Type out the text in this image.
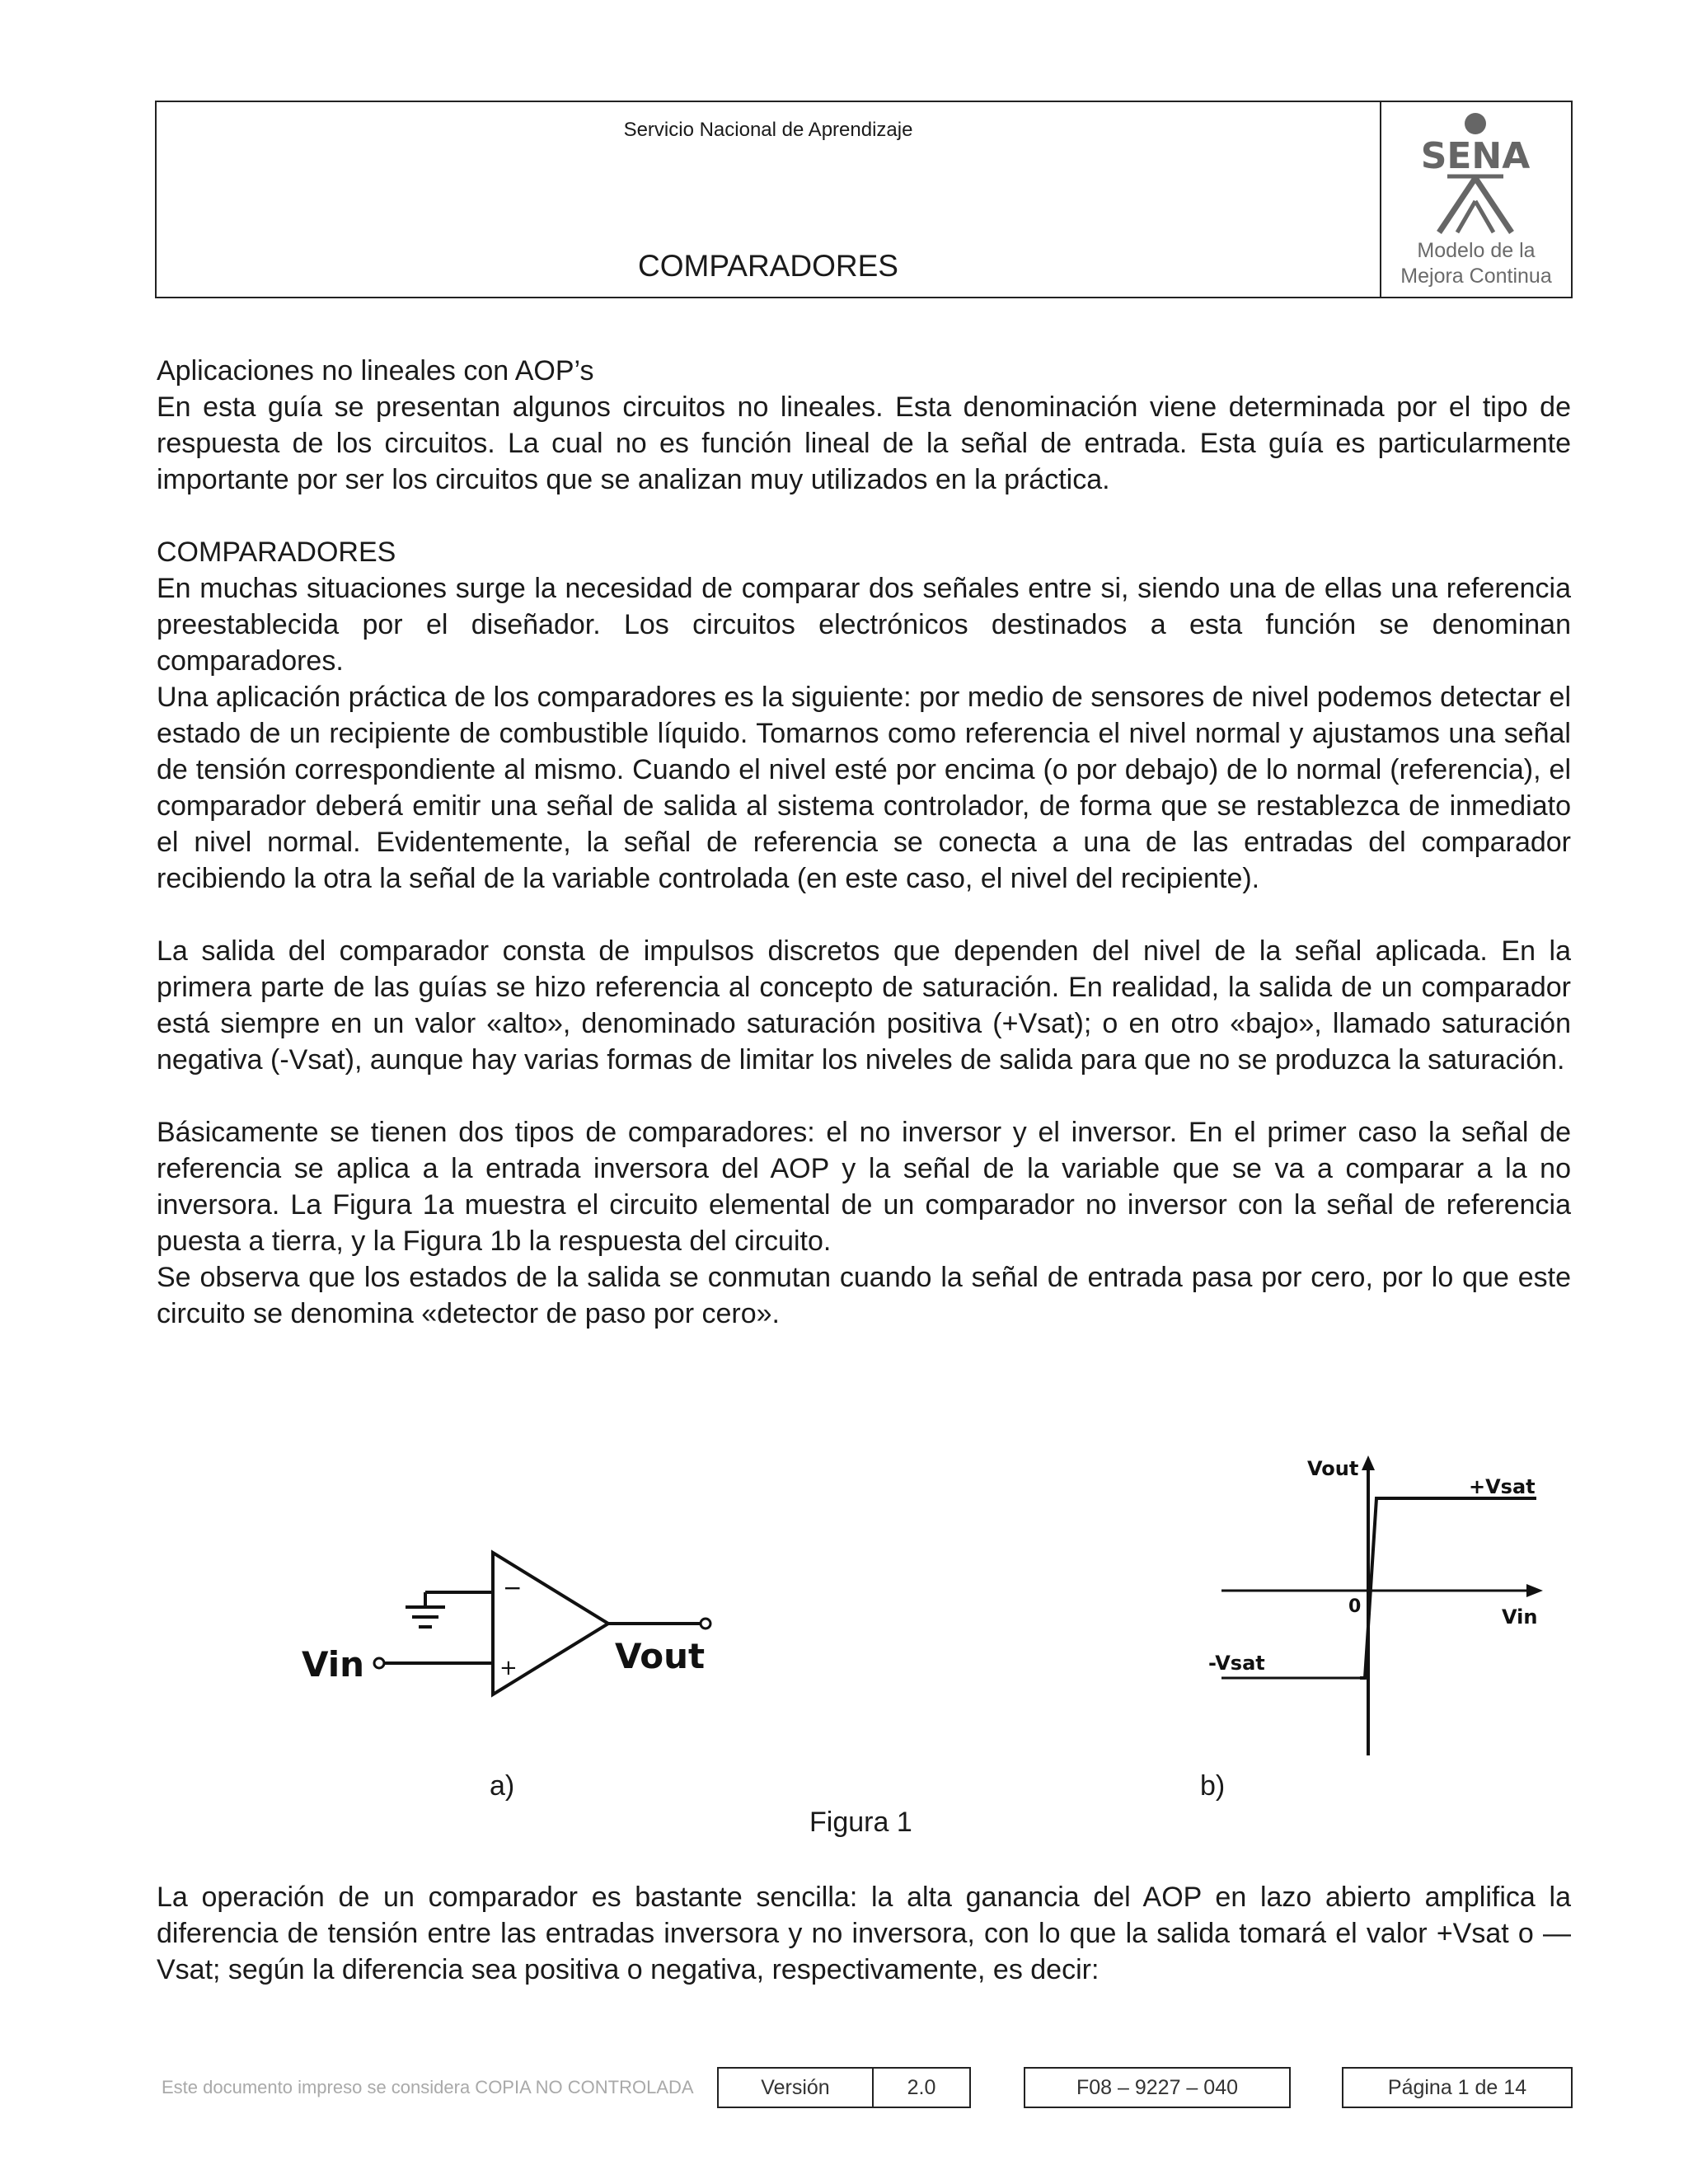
Servicio Nacional de Aprendizaje
COMPARADORES
SENA
Modelo de la
Mejora Continua

Aplicaciones no lineales con AOP’s

En esta guía se presentan algunos circuitos no lineales. Esta denominación viene determinada por el tipo de respuesta de los circuitos. La cual no es función lineal de la señal de entrada. Esta guía es particularmente importante por ser los circuitos que se analizan muy utilizados en la práctica.

COMPARADORES

En muchas situaciones surge la necesidad de comparar dos señales entre si, siendo una de ellas una referencia preestablecida por el diseñador. Los circuitos electrónicos destinados a esta función se denominan comparadores.

Una aplicación práctica de los comparadores es la siguiente: por medio de sensores de nivel podemos detectar el estado de un recipiente de combustible líquido. Tomarnos como referencia el nivel normal y ajustamos una señal de tensión correspondiente al mismo. Cuando el nivel esté por encima (o por debajo) de lo normal (referencia), el comparador deberá emitir una señal de salida al sistema controlador, de forma que se restablezca de inmediato el nivel normal. Evidentemente, la señal de referencia se conecta a una de las entradas del comparador recibiendo la otra la señal de la variable controlada (en este caso, el nivel del recipiente).

La salida del comparador consta de impulsos discretos que dependen del nivel de la señal aplicada. En la primera parte de las guías se hizo referencia al concepto de saturación. En realidad, la salida de un comparador está siempre en un valor «alto», denominado saturación positiva (+Vsat); o en otro «bajo», llamado saturación negativa (-Vsat), aunque hay varias formas de limitar los niveles de salida para que no se produzca la saturación.

Básicamente se tienen dos tipos de comparadores: el no inversor y el inversor. En el primer caso la señal de referencia se aplica a la entrada inversora del AOP y la señal de la variable que se va a comparar a la no inversora. La Figura 1a muestra el circuito elemental de un comparador no inversor con la señal de referencia puesta a tierra, y la Figura 1b la respuesta del circuito.

Se observa que los estados de la salida se conmutan cuando la señal de entrada pasa por cero, por lo que este circuito se denomina «detector de paso por cero».

−
+
Vin	Vout
Vout
+Vsat
0	Vin
-Vsat
a)	b)
Figura 1

La operación de un comparador es bastante sencilla: la alta ganancia del AOP en lazo abierto amplifica la diferencia de tensión entre las entradas inversora y no inversora, con lo que la salida tomará el valor +Vsat o —Vsat; según la diferencia sea positiva o negativa, respectivamente, es decir:

Este documento impreso se considera COPIA NO CONTROLADA	Versión	2.0	F08 – 9227 – 040	Página 1 de 14
